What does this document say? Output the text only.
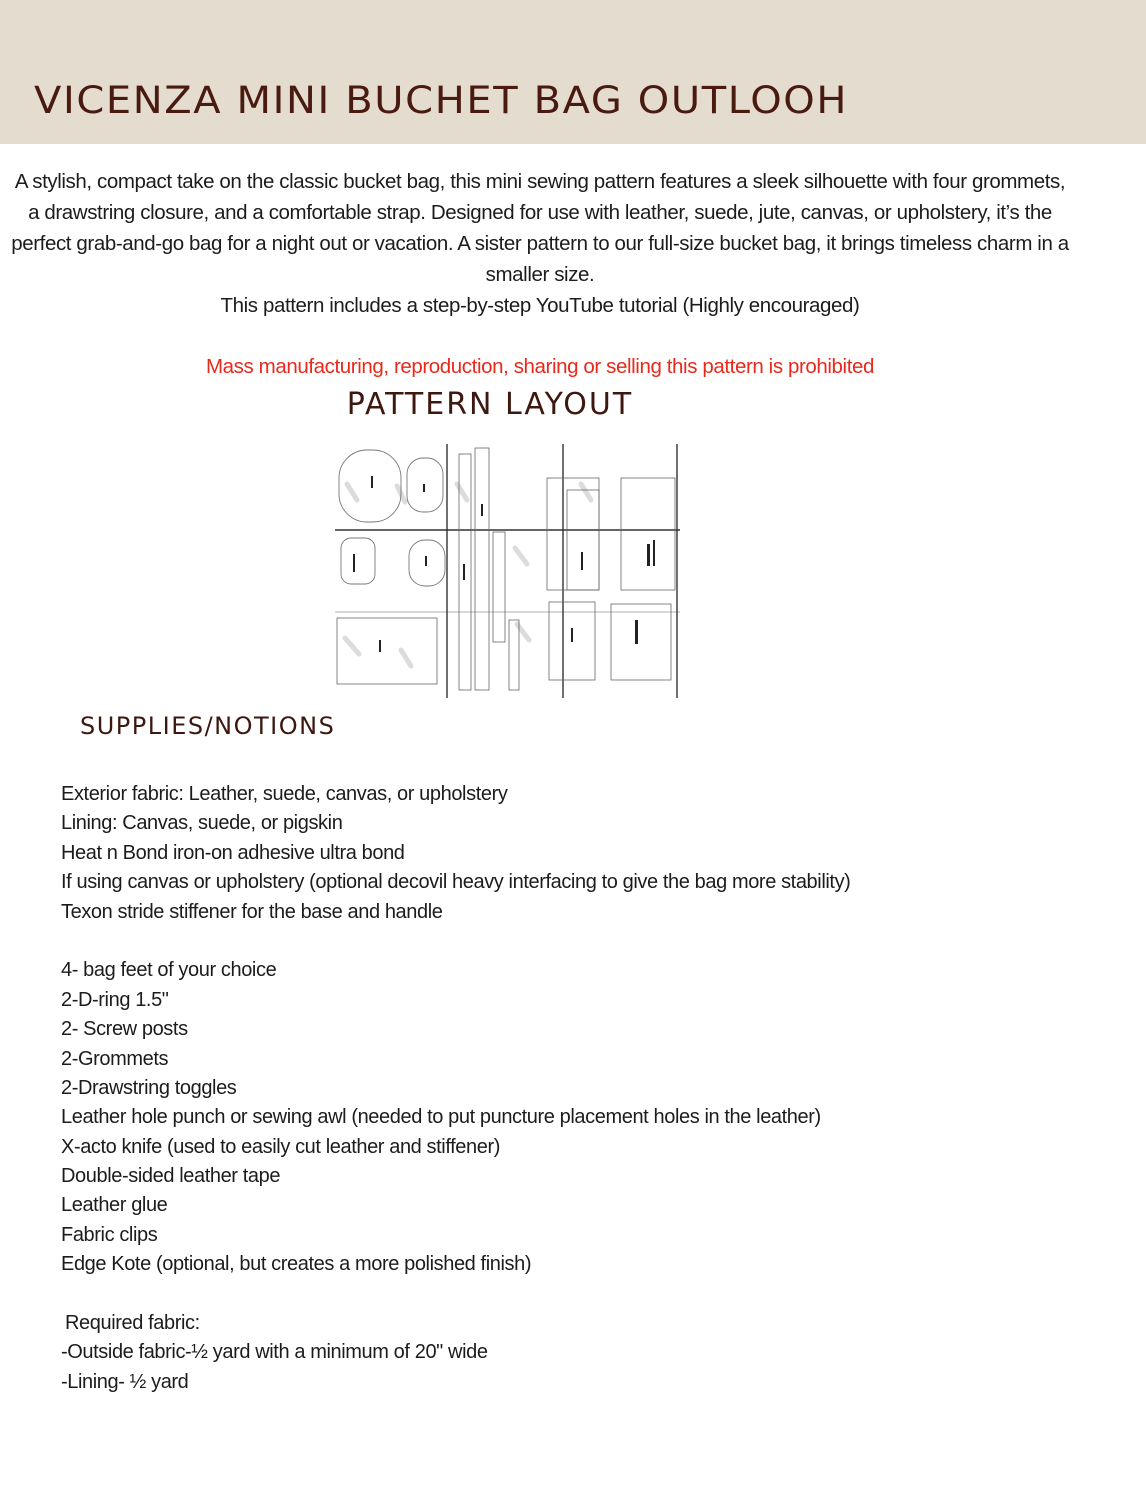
VICENZA MINI BUCHET BAG OUTLOOH

A stylish, compact take on the classic bucket bag, this mini sewing pattern features a sleek silhouette with four grommets, a drawstring closure, and a comfortable strap. Designed for use with leather, suede, jute, canvas, or upholstery, it’s the perfect grab-and-go bag for a night out or vacation. A sister pattern to our full-size bucket bag, it brings timeless charm in a smaller size.

This pattern includes a step-by-step YouTube tutorial (Highly encouraged)

Mass manufacturing, reproduction, sharing or selling this pattern is prohibited

PATTERN LAYOUT
SUPPLIES/NOTIONS
Exterior fabric: Leather, suede, canvas, or upholstery
Lining: Canvas, suede, or pigskin
Heat n Bond iron-on adhesive ultra bond
If using canvas or upholstery (optional decovil heavy interfacing to give the bag more stability)
Texon stride stiffener for the base and handle
4- bag feet of your choice
2-D-ring 1.5"
2- Screw posts
2-Grommets
2-Drawstring toggles
Leather hole punch or sewing awl (needed to put puncture placement holes in the leather)
X-acto knife (used to easily cut leather and stiffener)
Double-sided leather tape
Leather glue
Fabric clips
Edge Kote (optional, but creates a more polished finish)
Required fabric:
-Outside fabric-½ yard with a minimum of 20" wide
-Lining- ½ yard
